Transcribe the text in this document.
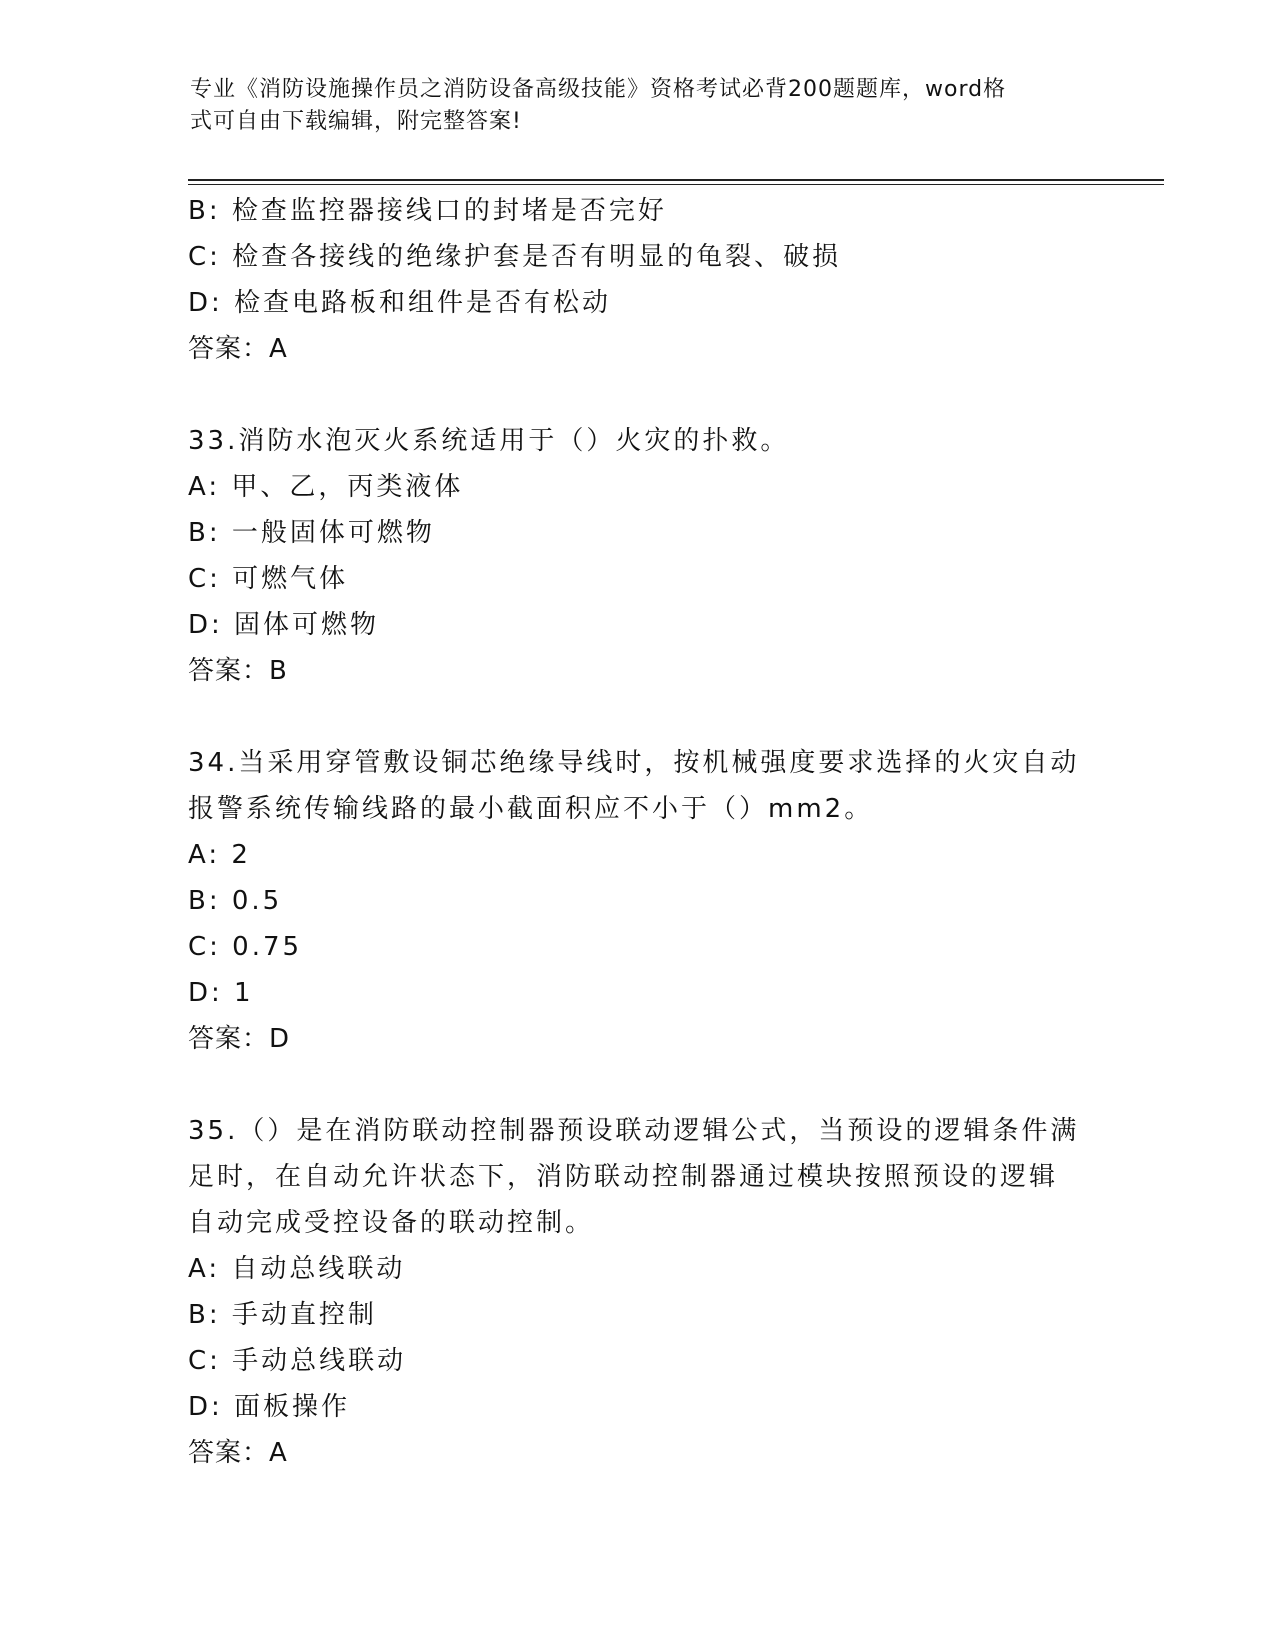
专业《消防设施操作员之消防设备高级技能》资格考试必背200题题库，word格
式可自由下载编辑，附完整答案!
B: 检查监控器接线口的封堵是否完好
C: 检查各接线的绝缘护套是否有明显的龟裂、破损
D: 检查电路板和组件是否有松动
答案：A
33.消防水泡灭火系统适用于（）火灾的扑救。
A: 甲、乙，丙类液体
B: 一般固体可燃物
C: 可燃气体
D: 固体可燃物
答案：B
34.当采用穿管敷设铜芯绝缘导线时，按机械强度要求选择的火灾自动
报警系统传输线路的最小截面积应不小于（）mm2。
A: 2
B: 0.5
C: 0.75
D: 1
答案：D
35.（）是在消防联动控制器预设联动逻辑公式，当预设的逻辑条件满
足时，在自动允许状态下，消防联动控制器通过模块按照预设的逻辑
自动完成受控设备的联动控制。
A: 自动总线联动
B: 手动直控制
C: 手动总线联动
D: 面板操作
答案：A
